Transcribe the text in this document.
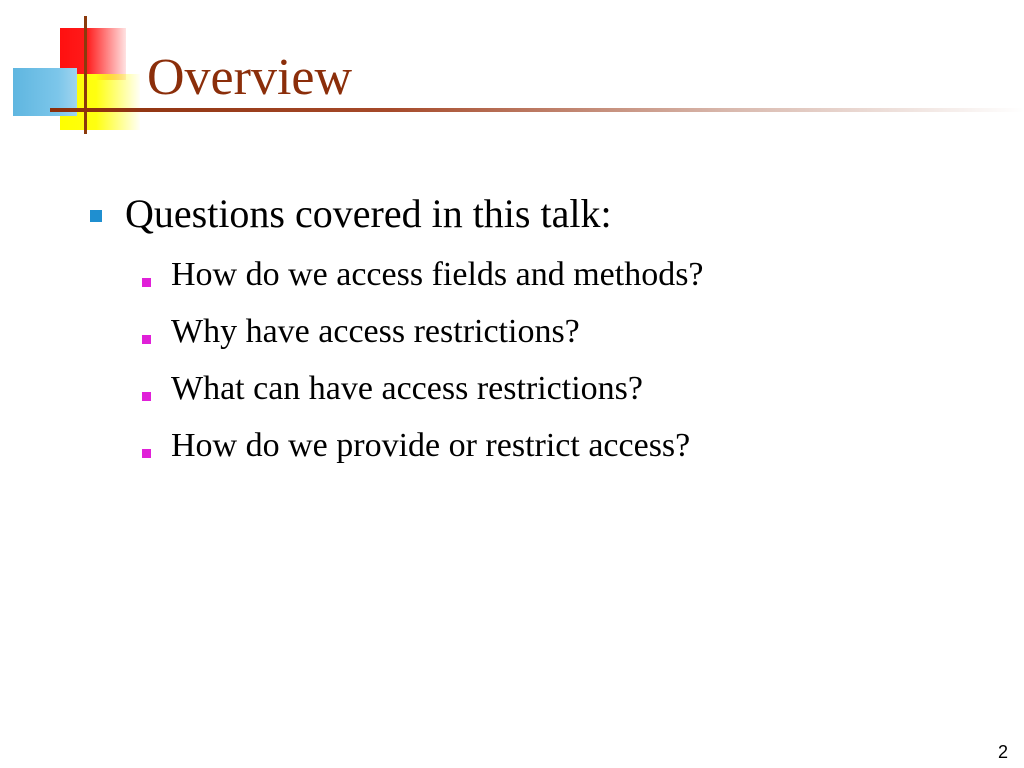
Overview

Questions covered in this talk:

How do we access fields and methods?

Why have access restrictions?

What can have access restrictions?

How do we provide or restrict access?

2
